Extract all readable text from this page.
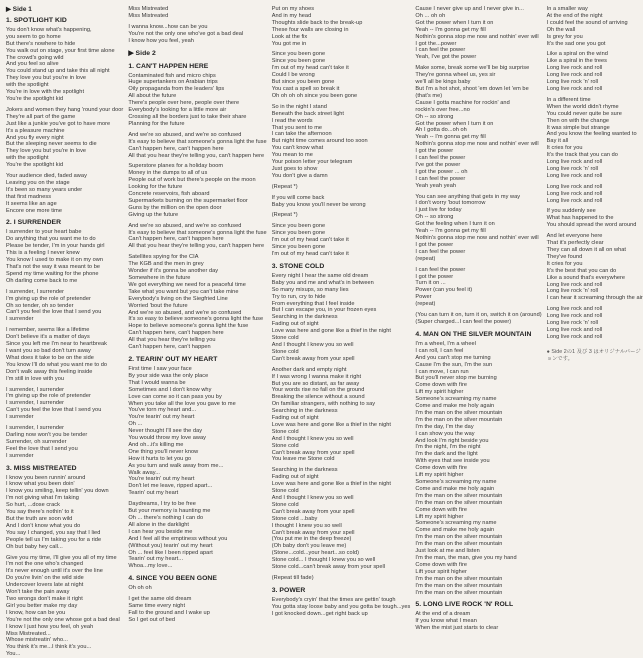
▶ Side 1
1. SPOTLIGHT KID
You don't know what's happening,
you seem to go home
But there's nowhere to hide
You walk out on stage, your first time alone
The crowd's going wild
And you feel so alive
You could stand up and take this all night
They love you but you're in love
with the spotlight
You're in love with the spotlight
You're the spotlight kid
Jokers and women they hang 'round your door
They're all part of the game
Just like a junkie you've got to have more
It's a pleasure machine
And you fly every night
But the sleeping never seems to die
They love you but you're in love
with the spotlight
You're the spotlight kid
Your audience died, faded away
Leaving you on the stage
It's been so many years under
that first madness
It seems like an age
Encore one more time
2. I SURRENDER
I surrender to your heart babe
Do anything that you want me to do
Please be tender, I'm in your hands girl
This is a feeling I never knew
You know I used to make it on my own
That's not the way it was meant to be
Spend my time waiting for the phone
Oh darling come back to me
I surrender, I surrender
I'm giving up the role of pretender
Oh so tender, oh so tender
Can't you feel the love that I send you
I surrender
I remember, seems like a lifetime
Don't believe it's a matter of days
Since you left me I'm near to heartbreak
I want you so bad don't turn away
What does it take to be on the side
You know I'll do what you want me to do
Don't walk away this feeling inside
I'm still in love with you
I surrender, I surrender
I'm giving up the role of pretender
I surrender, I surrender
Can't you feel the love that I send you
I surrender
I surrender, I surrender
Darling now won't you be tender
Surrender, oh surrender
Feel the love that I send you
I surrender
3. MISS MISTREATED
I know you been runnin' around
I know what you been doin'
I know you smiling, keep tellin' you down
I'm not giving what I'm taking
So hurt, ...dose crack
You say there's nothin' to it
But the truth are soon wild
And I don't know what you do
You say I changed, you say that I lied
People tell us I'm taking you for a ride
Oh but baby hey call...
Give you my time, I'll give you all of my time
I'm not the one who's changed
It's never enough until it's over the line
Do you're livin' on the wild side
Undercover lovers late at night
Won't take the pain away
Two wrongs don't make it right
Girl you better make my day
I know, how can be you
You're not the only one whose got a bad deal
I know I just how you feel, oh yeah
Miss Mistreated...
Whose mistreatin' who...
You think it's me...I think it's you...
You...
Miss Mistreated
Miss Mistreated
I wanna know...how can be you
You're not the only one who've got a bad deal
I know how you feel, yeah
▶ Side 2
1. CAN'T HAPPEN HERE
Contaminated fish and micro chips
Huge supertankers on Arabian trips
Oily propaganda from the leaders' lips
All about the future
There's people over here, people over there
Everybody's looking for a little more air
Crossing all the borders just to take their share
Planning for the future
And we're so abused, and we're so confused
It's easy to believe that someone's gonna light the fuse
Can't happen here, can't happen here
All that you hear they're telling you, can't happen here
Superstore planes for a holiday boom
Money in the dumps to all of us
People out of work but there's people on the moon
Looking for the future
Concrete reservoirs, fish aboard
Supermarkets burning on the supermarket floor
Guns by the million on the open door
Giving up the future
And we're so abused, and we're so confused
It's easy to believe that someone's gonna light the fuse
Can't happen here, can't happen here
All that you hear they're telling you, can't happen here
Satellites spying for the CIA
The KGB and the men in grey
Wonder if it's gonna be another day
Somewhere in the future
We got everything we need for a peaceful time
Take what you want but you can't take mine
Everybody's living on the Siegfried Line
Worried 'bout the future
And we're so abused, and we're so confused
It's so easy to believe someone's gonna light the fuse
Hope to believe someone's gonna light the fuse
Can't happen here, can't happen here
All that you hear they're telling you
Can't happen here, can't happen
2. TEARIN' OUT MY HEART
First time I saw your face
By your side was the only place
That I would wanna be
Sometimes and I don't know why
Love can come so it can pass you by
When you take all the love you gave to me
You've torn my heart and...
You're tearin' out my heart
Oh ...
Never thought I'll see the day
You would throw my love away
And oh...it's killing me
One thing you'll never know
How it hurts to let you go
As you turn and walk away from me...
Walk away...
You're tearin' out my heart
Don't let me leave, ripped apart...
Tearin' out my heart
Daydreams, I try to be free
But your memory is haunting me
Oh ... there's nothing I can do
All alone in the darklight
I can hear you beside me
And I feel all the emptiness without you
(Without you) tearin' out my heart
Oh ... feel like I been ripped apart
Tearin' out my heart...
Whoa...my love...
4. SINCE YOU BEEN GONE
Oh oh oh
I get the same old dream
Same time every night
Fall to the ground and I wake up
So I get out of bed
Put on my shoes
And in my head
Thoughts slide back to the break-up
These four walls are closing in
Look at the fix
You got me in
Since you been gone
Since you been gone
I'm out of my head can't take it
Could I be wrong
But since you been gone
You cast a spell so break it
Oh oh oh oh since you been gone
So in the night I stand
Beneath the back street light
I read the words
That you sent to me
I can take the afternoon
But night time comes around too soon
You can't know what
You mean to me
Your poison letter your telegram
Just goes to show
You don't give a damn
(Repeat *)
If you will come back
Baby you know you'll never be wrong
(Repeat *)
Since you been gone
Since you been gone
I'm out of my head can't take it
Since you been gone
I'm out of my head can't take it
3. STONE COLD
Every night I hear the same old dream
Baby you and me and what's in between
So many mixups, so many lies
Try to run, cry to hide
From everything that I feel inside
But I can escape you, in your frozen eyes
Searching in the darkness
Fading out of sight
Love was here and gone like a thief in the night
Stone cold
And I thought I knew you so well
Stone cold
Can't break away from your spell
Another dark and empty night
If I was wrong I wanna make it right
But you are so distant, as far away
Your words rise no fall on the ground
Breaking the silence without a sound
On familiar strangers, with nothing to say
Searching in the darkness
Fading out of sight
Love was here and gone like a thief in the night
Stone cold
And I thought I knew you so well
Stone cold
Can't break away from your spell
You leave me Stone cold
Searching in the darkness
Fading out of sight
Love was here and gone like a thief in the night
Stone cold
And I thought I knew you so well
Stone cold
Can't break away from your spell
Stone cold ...baby
I thought I knew you so well
Can't break away from your spell
(You put me in the deep freeze)
(Oh baby don't you leave me)
(Stone...cold...your heart...so cold)
Stone cold... I thought I knew you so well
Stone cold...can't break away from your spell
(Repeat till fade)
3. POWER
Everybody's cryin' that the times are gettin' tough
You gotta stay loose baby and you gotta be tough...yes
I got knocked down...get right back up
Cause I never give up and I never give in...
Oh ... oh oh
Got the power when I turn it on
Yeah -- I'm gonna get my fill
Nothin's gonna stop me now and nothin' ever will
I got the...power
I can feel the power
Yeah, I've got the power
Make some, break some we'll be big surprise
They're gonna wheel us, yes sir
we'll all be kings baby
But I'm a hot shot, shoot 'em down let 'em be
(that's me)
Cause I gotta machine for rockin' and
rockin's over free...no
Oh -- so strong
Got the power when I turn it on
Ah I gotta do...oh oh
Yeah -- I'm gonna get my fill
Nothin's gonna stop me now and nothin' ever will
I got the power
I can feel the power
I've got the power
I got the power ... oh
I can feel the power
Yeah yeah yeah
You can see anything that gets in my way
I don't worry 'bout tomorrow
I just live for today
Oh -- so strong
Got the feeling when I turn it on
Yeah -- I'm gonna get my fill
Nothin's gonna stop me now and nothin' ever will
I got the power
I can feel the power
(repeat)
I can feel the power
I got the power
Turn it on ...
Power (can you feel it)
Power
(repeat)
(You can turn it on, turn it on, switch it on (around)
(Super charged...I can feel the power)
4. MAN ON THE SILVER MOUNTAIN
I'm a wheel, I'm a wheel
I can roll, I can feel
And you can't stop me turning
Cause I'm the sun, I'm the sun
I can move, I can run
But you'll never stop me burning
Come down with fire
Lift my spirit higher
Someone's screaming my name
Come and make me holy again
I'm the man on the silver mountain
I'm the man on the silver mountain
I'm the day, I'm the day
I can show you the way
And look I'm right beside you
I'm the night, I'm the night
I'm the dark and the light
With eyes that see inside you
Come down with fire
Lift my spirit higher
Someone's screaming my name
Come and make me holy again
I'm the man on the silver mountain
I'm the man on the silver mountain
Come down with fire
Lift my spirit higher
Someone's screaming my name
Come and make me holy again
I'm the man on the silver mountain
I'm the man on the silver mountain
Just look at me and listen
I'm the man, the man, give you my hand
Come down with fire
Lift your spirit higher
I'm the man on the silver mountain
I'm the man on the silver mountain
I'm the man on the silver mountain
5. LONG LIVE ROCK 'N' ROLL
At the end of a dream
If you know what I mean
When the mist just starts to clear
In a smaller way
At the end of the night
I could feel the sound of arriving
Oh the wall
Is grey for you
It's the sad one you got
Like a spiral on the wind
Like a spiral in the trees
Long live rock and roll
Long live rock and roll
Long live rock 'n' roll
Long live rock and roll
In a different time
When the world didn't rhyme
You could never quite be sure
Then on with the change
It was simple but strange
And you know the feeling wanted to
Bay it all
It cries for you
It's the track that you can do
Long live rock and roll
Long live rock 'n' roll
Long live rock and roll
Long live rock and roll
Long live rock and roll
Long live rock and roll
If you suddenly see
What has happened to the
You should spread the word around
And let everyone here
That it's perfectly clear
They can all down it all on what
They've found
It cries for you
It's the best that you can do
Like a sound that's everywhere
Long live rock and roll
Long live rock 'n' roll
I can hear it screaming through the air
Long live rock and roll
Long live rock and roll
Long live rock 'n' roll
Long live rock and roll
Long live rock and roll
● Side 2の1 及び 3 はオリジナルバージョンです。
